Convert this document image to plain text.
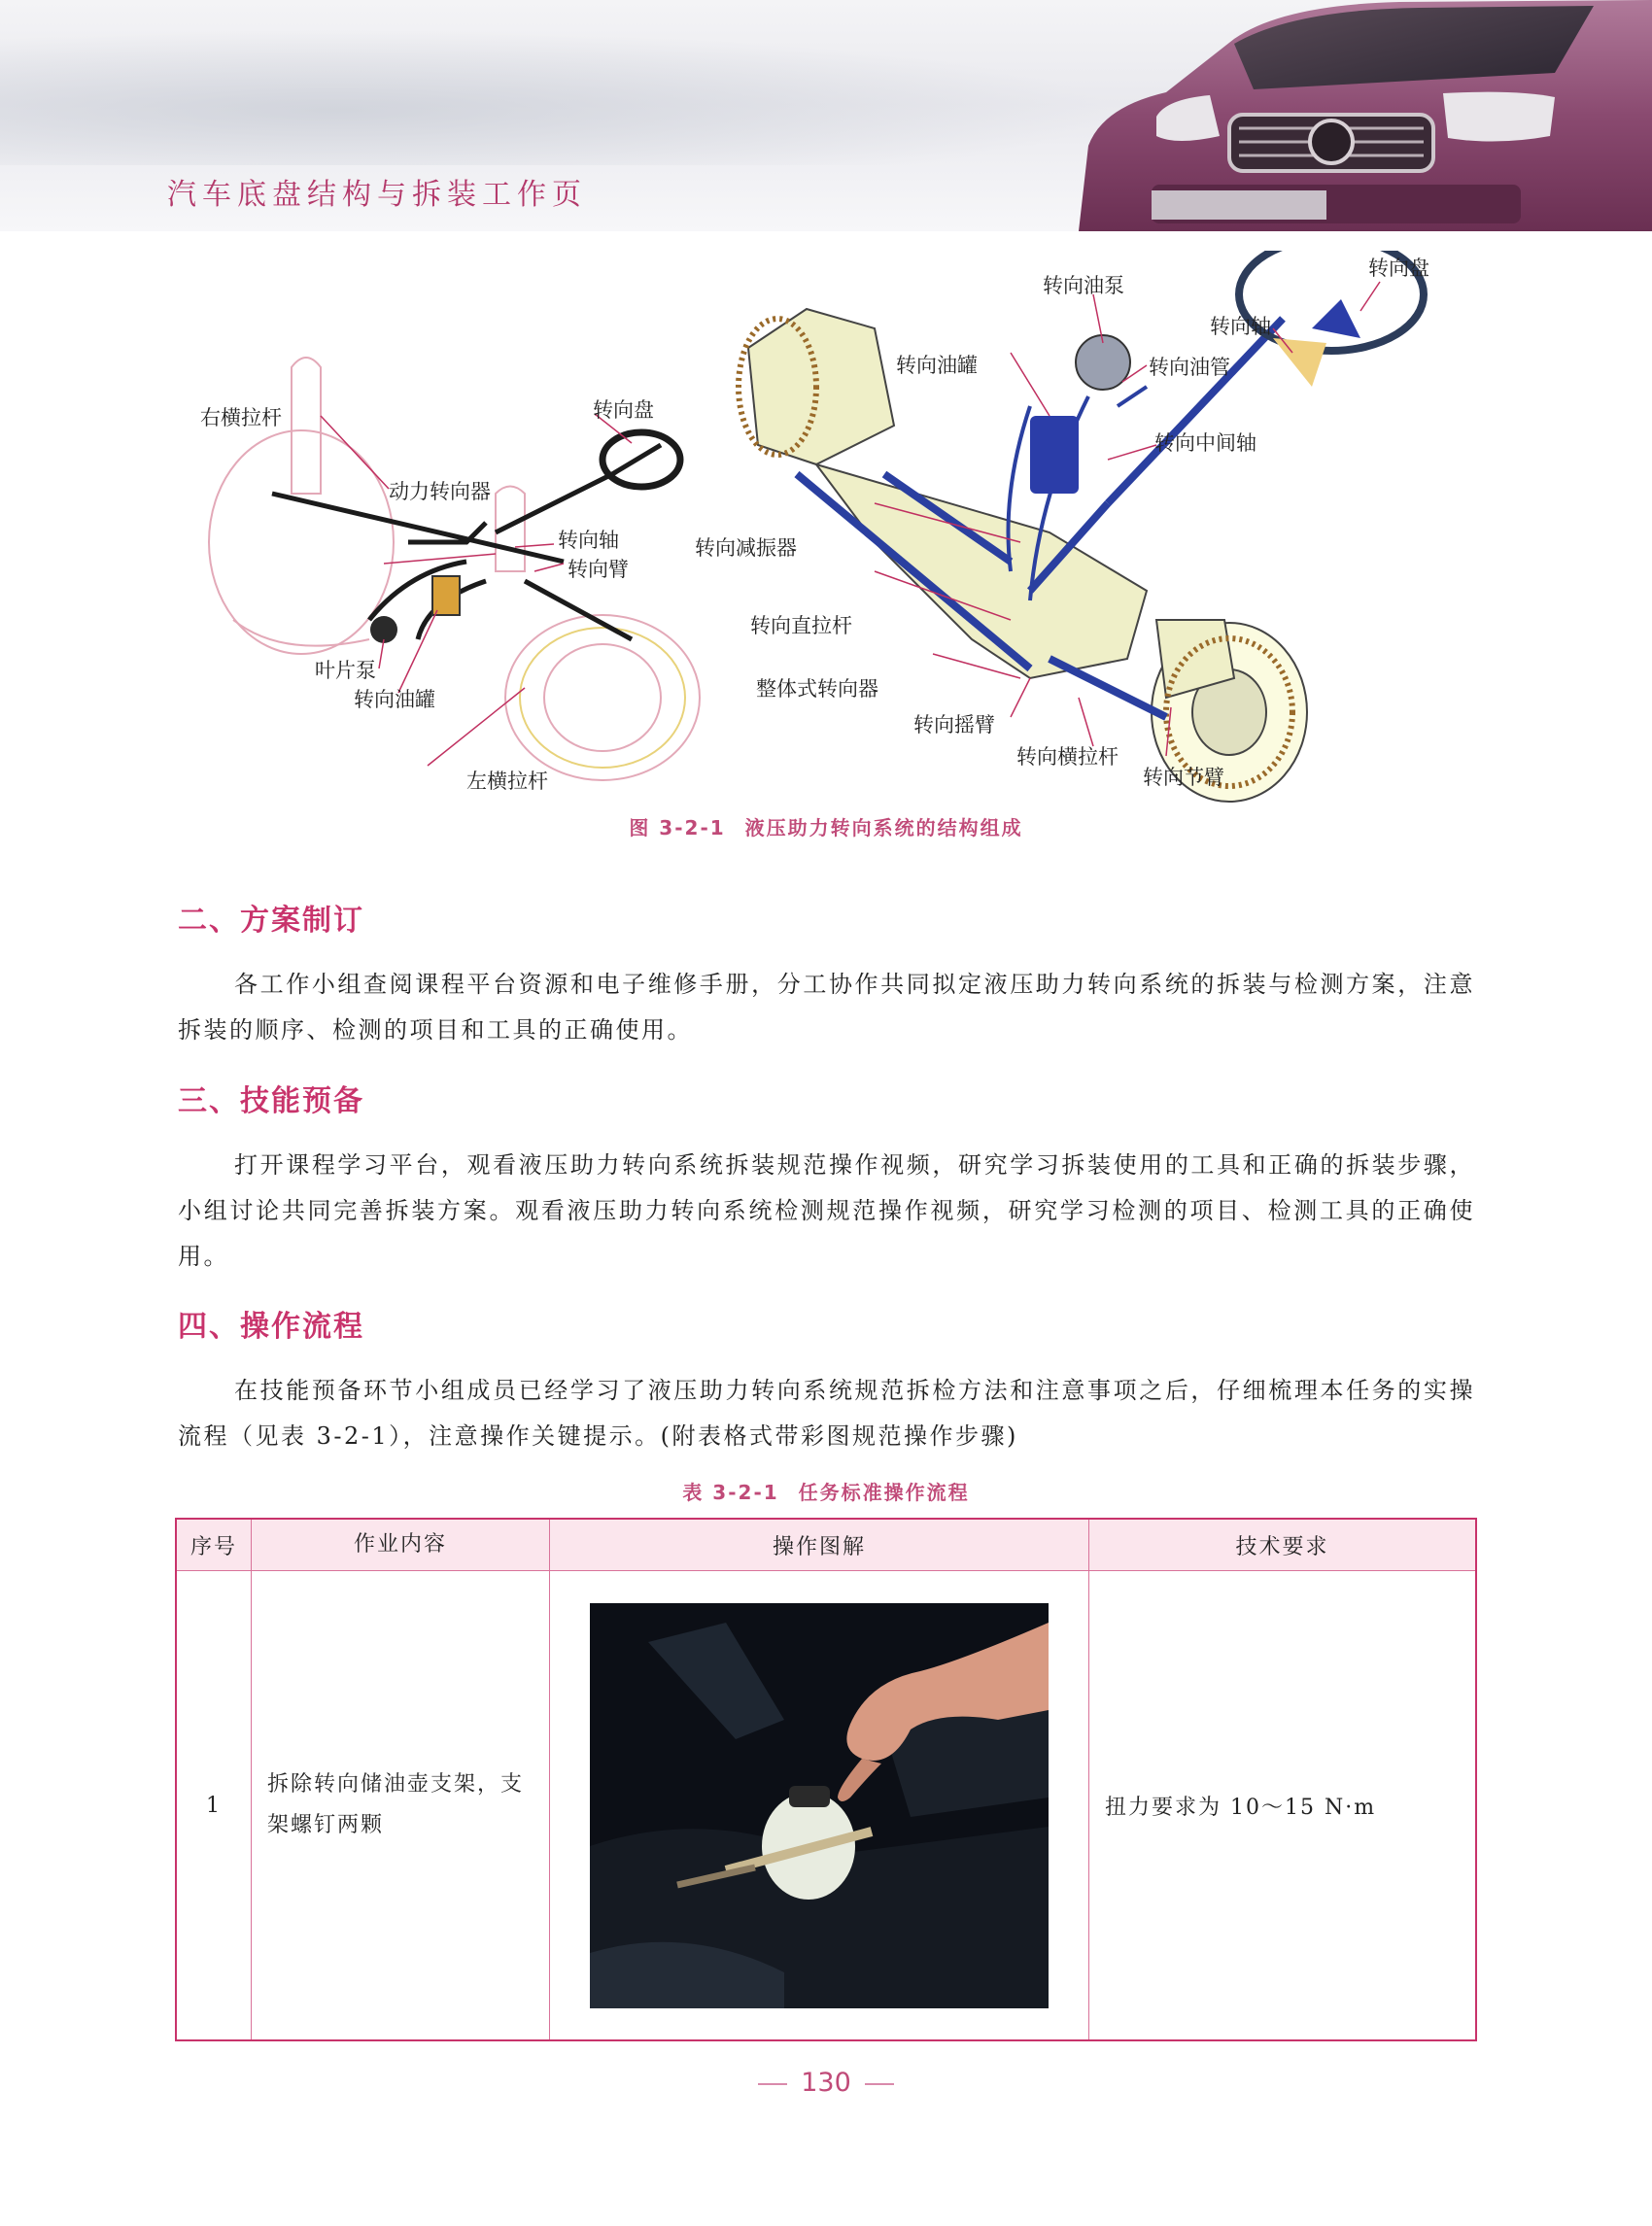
汽车底盘结构与拆装工作页
右横拉杆	转向盘
动力转向器
转向轴
转向臂
叶片泵
转向油罐
左横拉杆
转向油泵
转向盘
转向轴
转向油罐	转向油管
转向中间轴
转向减振器
转向直拉杆
整体式转向器
转向摇臂
转向横拉杆
转向节臂
图 3-2-1 液压助力转向系统的结构组成
二、方案制订
各工作小组查阅课程平台资源和电子维修手册，分工协作共同拟定液压助力转向系统的拆装与检测方案，注意拆装的顺序、检测的项目和工具的正确使用。
三、技能预备
打开课程学习平台，观看液压助力转向系统拆装规范操作视频，研究学习拆装使用的工具和正确的拆装步骤，小组讨论共同完善拆装方案。观看液压助力转向系统检测规范操作视频，研究学习检测的项目、检测工具的正确使用。
四、操作流程
在技能预备环节小组成员已经学习了液压助力转向系统规范拆检方法和注意事项之后，仔细梳理本任务的实操流程（见表 3-2-1），注意操作关键提示。(附表格式带彩图规范操作步骤)
表 3-2-1 任务标准操作流程
序号	作业内容	操作图解	技术要求
1	拆除转向储油壶支架，支架螺钉两颗		扭力要求为 10～15 N·m
130
